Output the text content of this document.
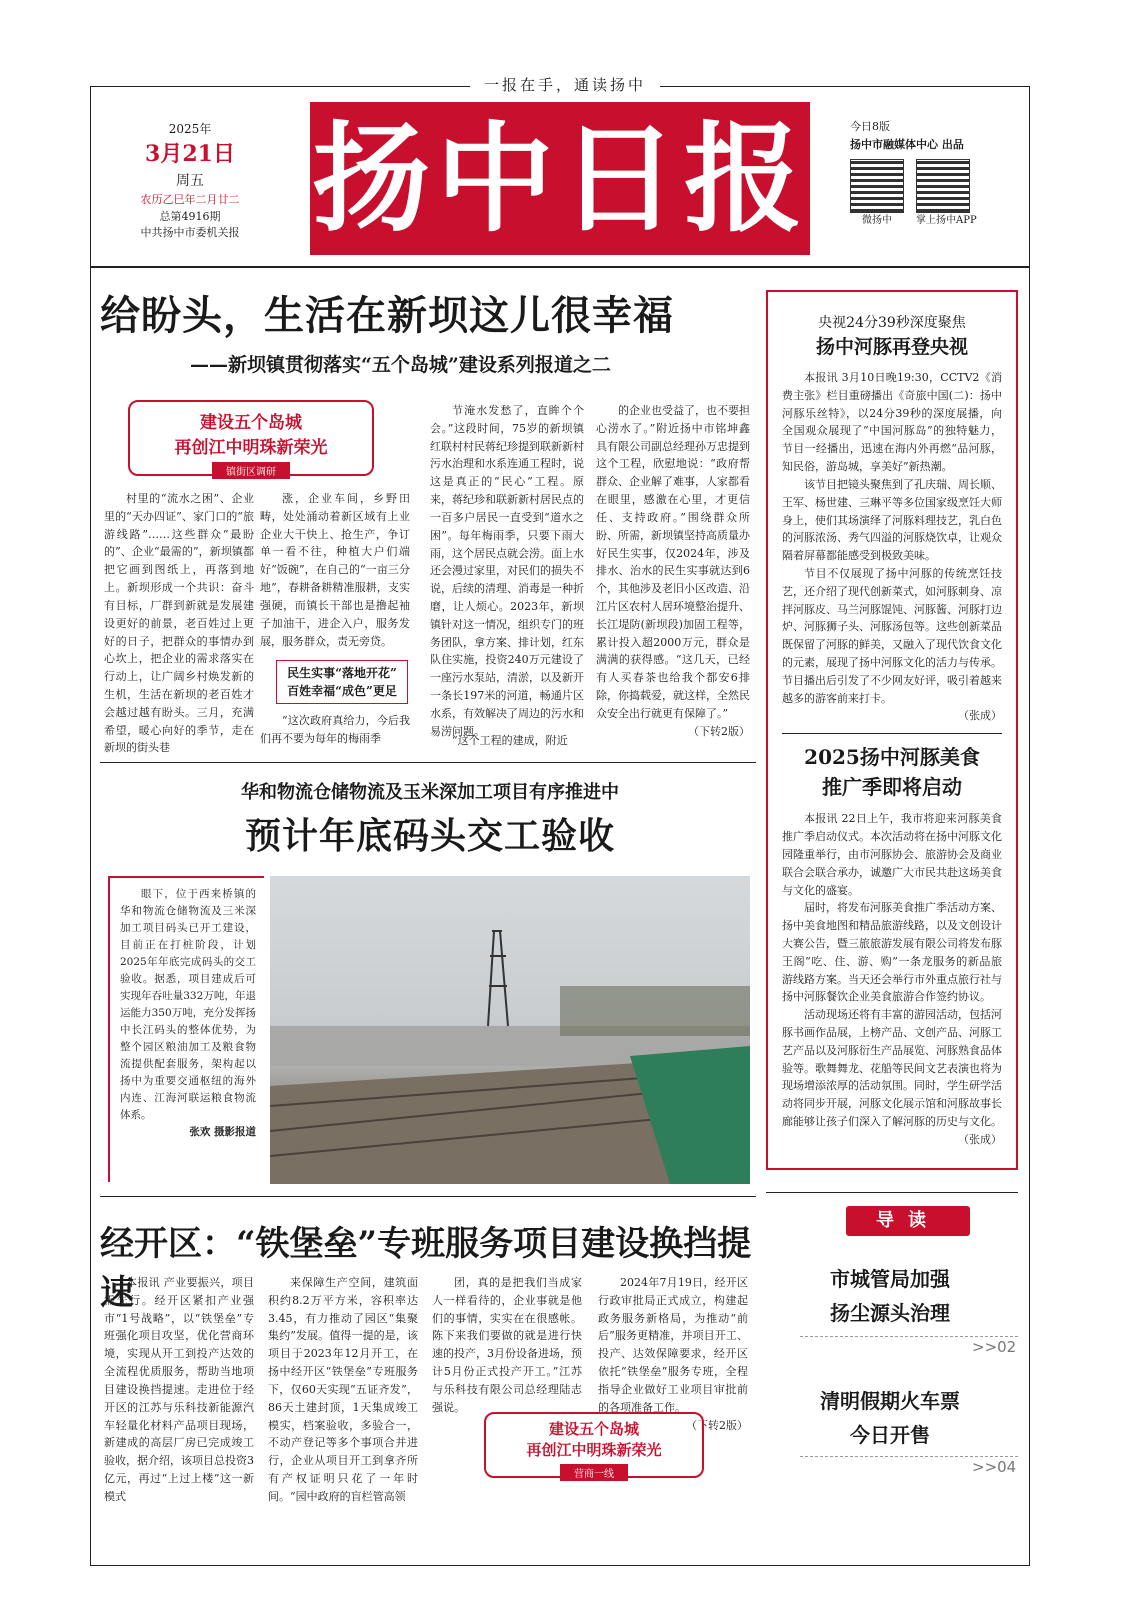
一报在手，通读扬中
2025年
3月21日
周五
农历乙巳年二月廿二
总第4916期
中共扬中市委机关报 扬中日报	今日8版
扬中市融媒体中心 出品
微扬中	掌上扬中APP
给盼头，生活在新坝这儿很幸福
——新坝镇贯彻落实“五个岛城”建设系列报道之二
建设五个岛城
再创江中明珠新荣光
镇街区调研

村里的“流水之困”、企业里的“天办四证”、家门口的“旅游线路”……这些群众“最盼的”、企业“最需的”，新坝镇都把它画到图纸上，再落到地上。新坝形成一个共识：奋斗有目标，厂群到新就是发展建设更好的前景，老百姓过上更好的日子，把群众的事情办到心坎上，把企业的需求落实在行动上，让广阔乡村焕发新的生机，生活在新坝的老百姓才会越过越有盼头。三月，充满希望，暖心向好的季节，走在新坝的街头巷

涨，企业车间，乡野田畴，处处涌动着新区域有上业企业大干快上、抢生产，争订单一看不往，种植大户们端好“饭碗”，在自己的“一亩三分地”，春耕备耕精准服耕，支实强硬，而镇长干部也是撸起袖子加油干，进企入户，服务发展，服务群众，责无旁贷。

民生实事“落地开花”
百姓幸福“成色”更足

“这次政府真给力，今后我们再不要为每年的梅雨季

节淹水发愁了，直眸个个会。”这段时间，75岁的新坝镇红联村村民蒋纪珍提到联新新村污水治理和水系连通工程时，说这是真正的“民心”工程。原来，蒋纪珍和联新新村居民点的一百多户居民一直受到“道水之困”。每年梅雨季，只要下雨大雨，这个居民点就会涝。面上水还会漫过家里，对民们的损失不说，后续的清理、消毒是一种折磨，让人烦心。2023年，新坝镇针对这一情况，组织专门的班务团队，拿方案、排计划，红东队住实施，投资240万元建设了一座污水泵站，清淤，以及新开一条长197米的河道，畅通片区水系，有效解决了周边的污水和易涝问题。

“这个工程的建成，附近

的企业也受益了，也不要担心涝水了。”附近扬中市铭坤鑫具有限公司副总经理孙万忠提到这个工程，欣慰地说：“政府帮群众、企业解了难事，人家都看在眼里，感激在心里，才更信任、支持政府。”围绕群众所盼、所需，新坝镇坚持高质量办好民生实事，仅2024年，涉及排水、治水的民生实事就达到6个，其他涉及老旧小区改造、沿江片区农村人居环境整治提升、长江堤防(新坝段)加固工程等，累计投入超2000万元，群众是满满的获得感。“这几天，已经有人买春茶也给我个都安6排除，你捣载爱，就这样，全然民众安全出行就更有保障了。”

（下转2版）
央视24分39秒深度聚焦
扬中河豚再登央视

本报讯 3月10日晚19:30，CCTV2《消费主张》栏目重磅播出《奇旅中国(二)：扬中河豚乐丝特》，以24分39秒的深度展播，向全国观众展现了“中国河豚岛”的独特魅力，节目一经播出，迅速在海内外再燃“品河豚，知民俗，游岛城，享美好”新热潮。

该节目把镜头聚焦到了孔庆瑞、周长顺、王军、杨世建、三琳平等多位国家级烹饪大师身上，使们其场演绎了河豚料理技艺，乳白色的河豚浓汤、秀气四溢的河豚烧饮卓，让观众隔着屏幕都能感受到极致美味。

节目不仅展现了扬中河豚的传统烹饪技艺，还介绍了现代创新菜式，如河豚刺身、凉拌河豚皮、马兰河豚馄饨、河豚酱、河豚打边炉、河豚狮子头、河豚汤包等。这些创新菜品既保留了河豚的鲜美，又融入了现代饮食文化的元素，展现了扬中河豚文化的活力与传承。节目播出后引发了不少网友好评，吸引着越来越多的游客前来打卡。

（张成）
2025扬中河豚美食
推广季即将启动

本报讯 22日上午，我市将迎来河豚美食推广季启动仪式。本次活动将在扬中河豚文化园隆重举行，由市河豚协会、旅游协会及商业联合会联合承办，诚邀广大市民共赴这场美食与文化的盛宴。

届时，将发布河豚美食推广季活动方案、扬中美食地图和精品旅游线路，以及文创设计大赛公告，暨三旅旅游发展有限公司将发布豚王阁“吃、住、游、购”一条龙服务的新品旅游线路方案。当天还会举行市外重点旅行社与扬中河豚餐饮企业美食旅游合作签约协议。

活动现场还将有丰富的游园活动，包括河豚书画作品展，上榜产品、文创产品、河豚工艺产品以及河豚衍生产品展览、河豚熟食品体验等。歌舞舞龙、花船等民间文艺表演也将为现场增添浓厚的活动氛围。同时，学生研学活动将同步开展，河豚文化展示馆和河豚故事长廊能够让孩子们深入了解河豚的历史与文化。

（张成）
华和物流仓储物流及玉米深加工项目有序推进中
预计年底码头交工验收

眼下，位于西来桥镇的华和物流仓储物流及三米深加工项目码头已开工建设，目前正在打桩阶段，计划2025年年底完成码头的交工验收。据悉，项目建成后可实现年吞吐量332万吨，年退运能力350万吨，充分发挥扬中长江码头的整体优势，为整个园区粮油加工及粮食物流提供配套服务，架构起以扬中为重要交通枢纽的海外内连、江海河联运粮食物流体系。

张欢 摄影报道
经开区：“铁堡垒”专班服务项目建设换挡提速

本报讯 产业要振兴，项目需先行。经开区紧扣产业强市“1号战略”，以“铁堡垒”专班强化项目攻坚，优化营商环境，实现从开工到投产达效的全流程优质服务，帮助当地项目建设换挡提速。走进位于经开区的江苏与乐科技新能源汽车轻量化材料产品项目现场，新建成的高层厂房已完成竣工验收，据介绍，该项目总投资3亿元，再过“上过上楼”这一新模式

来保障生产空间，建筑面积约8.2万平方米，容积率达3.45，有力推动了园区“集聚集约”发展。值得一提的是，该项目于2023年12月开工，在扬中经开区“铁堡垒”专班服务下，仅60天实现“五证齐发”，86天土建封顶，1天集成竣工模实，档案验收，多验合一，不动产登记等多个事项合并进行，企业从项目开工到拿齐所有产权证明只花了一年时间。“园中政府的盲栏管高领

团，真的是把我们当成家人一样看待的，企业事就是他们的事情，实实在在很感帐。陈下来我们要做的就是进行快速的投产，3月份设备进场，预计5月份正式投产开工。”江苏与乐科技有限公司总经理陆志强说。

2024年7月19日，经开区行政审批局正式成立，构建起政务服务新格局，为推动“前后”服务更精准，并项目开工、投产、达效保障要求，经开区依托“铁堡垒”服务专班，全程指导企业做好工业项目审批前的各项准备工作。

（下转2版）
建设五个岛城
再创江中明珠新荣光
营商一线
导读
市城管局加强
扬尘源头治理
>>02
清明假期火车票
今日开售
>>04
